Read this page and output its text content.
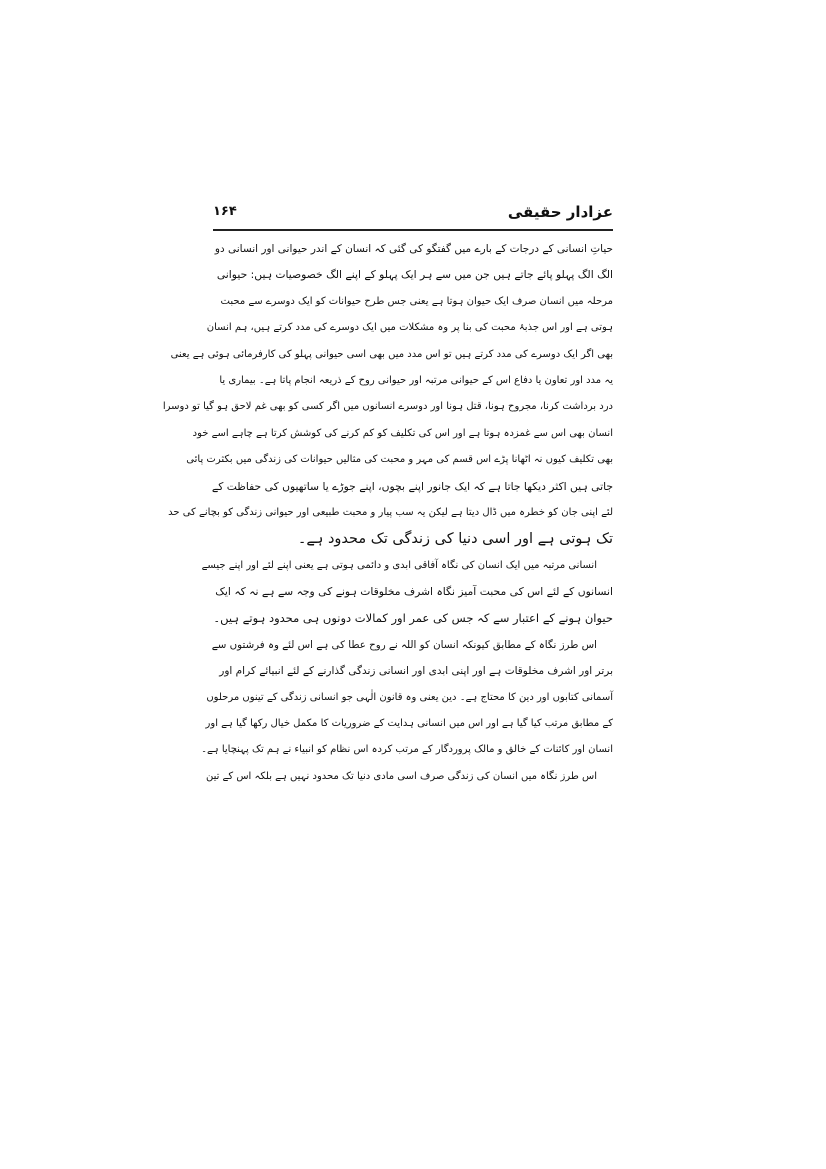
عزادار حقیقی
۱۶۴
حیاتِ انسانی کے درجات کے بارے میں گفتگو کی گئی کہ انسان کے اندر حیوانی اور انسانی دو
الگ الگ پہلو پائے جاتے ہیں جن میں سے ہر ایک پہلو کے اپنے الگ خصوصیات ہیں: حیوانی
مرحلہ میں انسان صرف ایک حیوان ہوتا ہے یعنی جس طرح حیوانات کو ایک دوسرے سے محبت
ہوتی ہے اور اس جذبۂ محبت کی بنا پر وہ مشکلات میں ایک دوسرے کی مدد کرتے ہیں، ہم انسان
بھی اگر ایک دوسرے کی مدد کرتے ہیں تو اس مدد میں بھی اسی حیوانی پہلو کی کارفرمائی ہوئی ہے یعنی
یہ مدد اور تعاون یا دفاع اس کے حیوانی مرتبہ اور حیوانی روح کے ذریعہ انجام پاتا ہے۔ بیماری یا
درد برداشت کرنا، مجروح ہونا، قتل ہونا اور دوسرے انسانوں میں اگر کسی کو بھی غم لاحق ہو گیا تو دوسرا
انسان بھی اس سے غمزدہ ہوتا ہے اور اس کی تکلیف کو کم کرنے کی کوشش کرتا ہے چاہے اسے خود
بھی تکلیف کیوں نہ اٹھانا پڑے اس قسم کی مہر و محبت کی مثالیں حیوانات کی زندگی میں بکثرت پائی
جاتی ہیں اکثر دیکھا جاتا ہے کہ ایک جانور اپنے بچوں، اپنے جوڑے یا ساتھیوں کی حفاظت کے
لئے اپنی جان کو خطرہ میں ڈال دیتا ہے لیکن یہ سب پیار و محبت طبیعی اور حیوانی زندگی کو بچانے کی حد
تک ہوتی ہے اور اسی دنیا کی زندگی تک محدود ہے۔
انسانی مرتبہ میں ایک انسان کی نگاہ آفاقی ابدی و دائمی ہوتی ہے یعنی اپنے لئے اور اپنے جیسے
انسانوں کے لئے اس کی محبت آمیز نگاہ اشرف مخلوقات ہونے کی وجہ سے ہے نہ کہ ایک
حیوان ہونے کے اعتبار سے کہ جس کی عمر اور کمالات دونوں ہی محدود ہوتے ہیں۔
اس طرز نگاہ کے مطابق کیونکہ انسان کو اللہ نے روح عطا کی ہے اس لئے وہ فرشتوں سے
برتر اور اشرف مخلوقات ہے اور اپنی ابدی اور انسانی زندگی گذارنے کے لئے انبیائے کرام اور
آسمانی کتابوں اور دین کا محتاج ہے۔ دین یعنی وہ قانون الٰہی جو انسانی زندگی کے تینوں مرحلوں
کے مطابق مرتب کیا گیا ہے اور اس میں انسانی ہدایت کے ضروریات کا مکمل خیال رکھا گیا ہے اور
انسان اور کائنات کے خالق و مالک پروردگار کے مرتب کردہ اس نظام کو انبیاء نے ہم تک پہنچایا ہے۔
اس طرز نگاہ میں انسان کی زندگی صرف اسی مادی دنیا تک محدود نہیں ہے بلکہ اس کے تین
